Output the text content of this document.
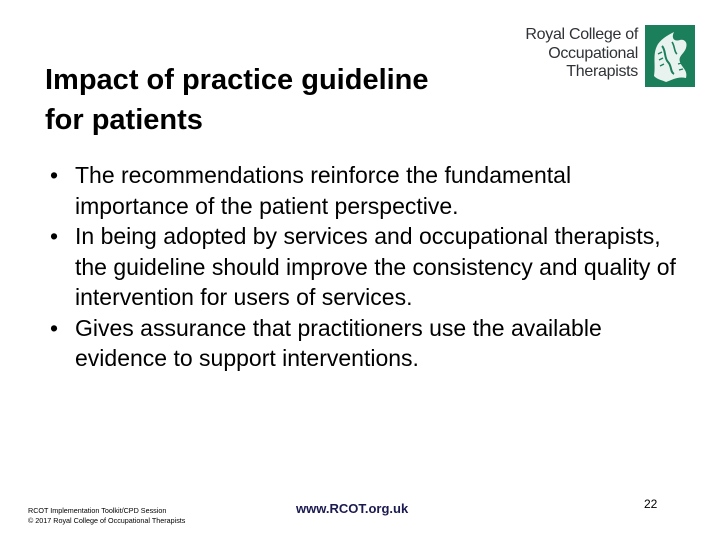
Impact of practice guideline
for patients
Royal College of
Occupational
Therapists
• The recommendations reinforce the fundamental importance of the patient perspective.
• In being adopted by services and occupational therapists, the guideline should improve the consistency and quality of intervention for users of services.
• Gives assurance that practitioners use the available evidence to support interventions.
RCOT Implementation Toolkit/CPD Session
© 2017 Royal College of Occupational Therapists
www.RCOT.org.uk	22
